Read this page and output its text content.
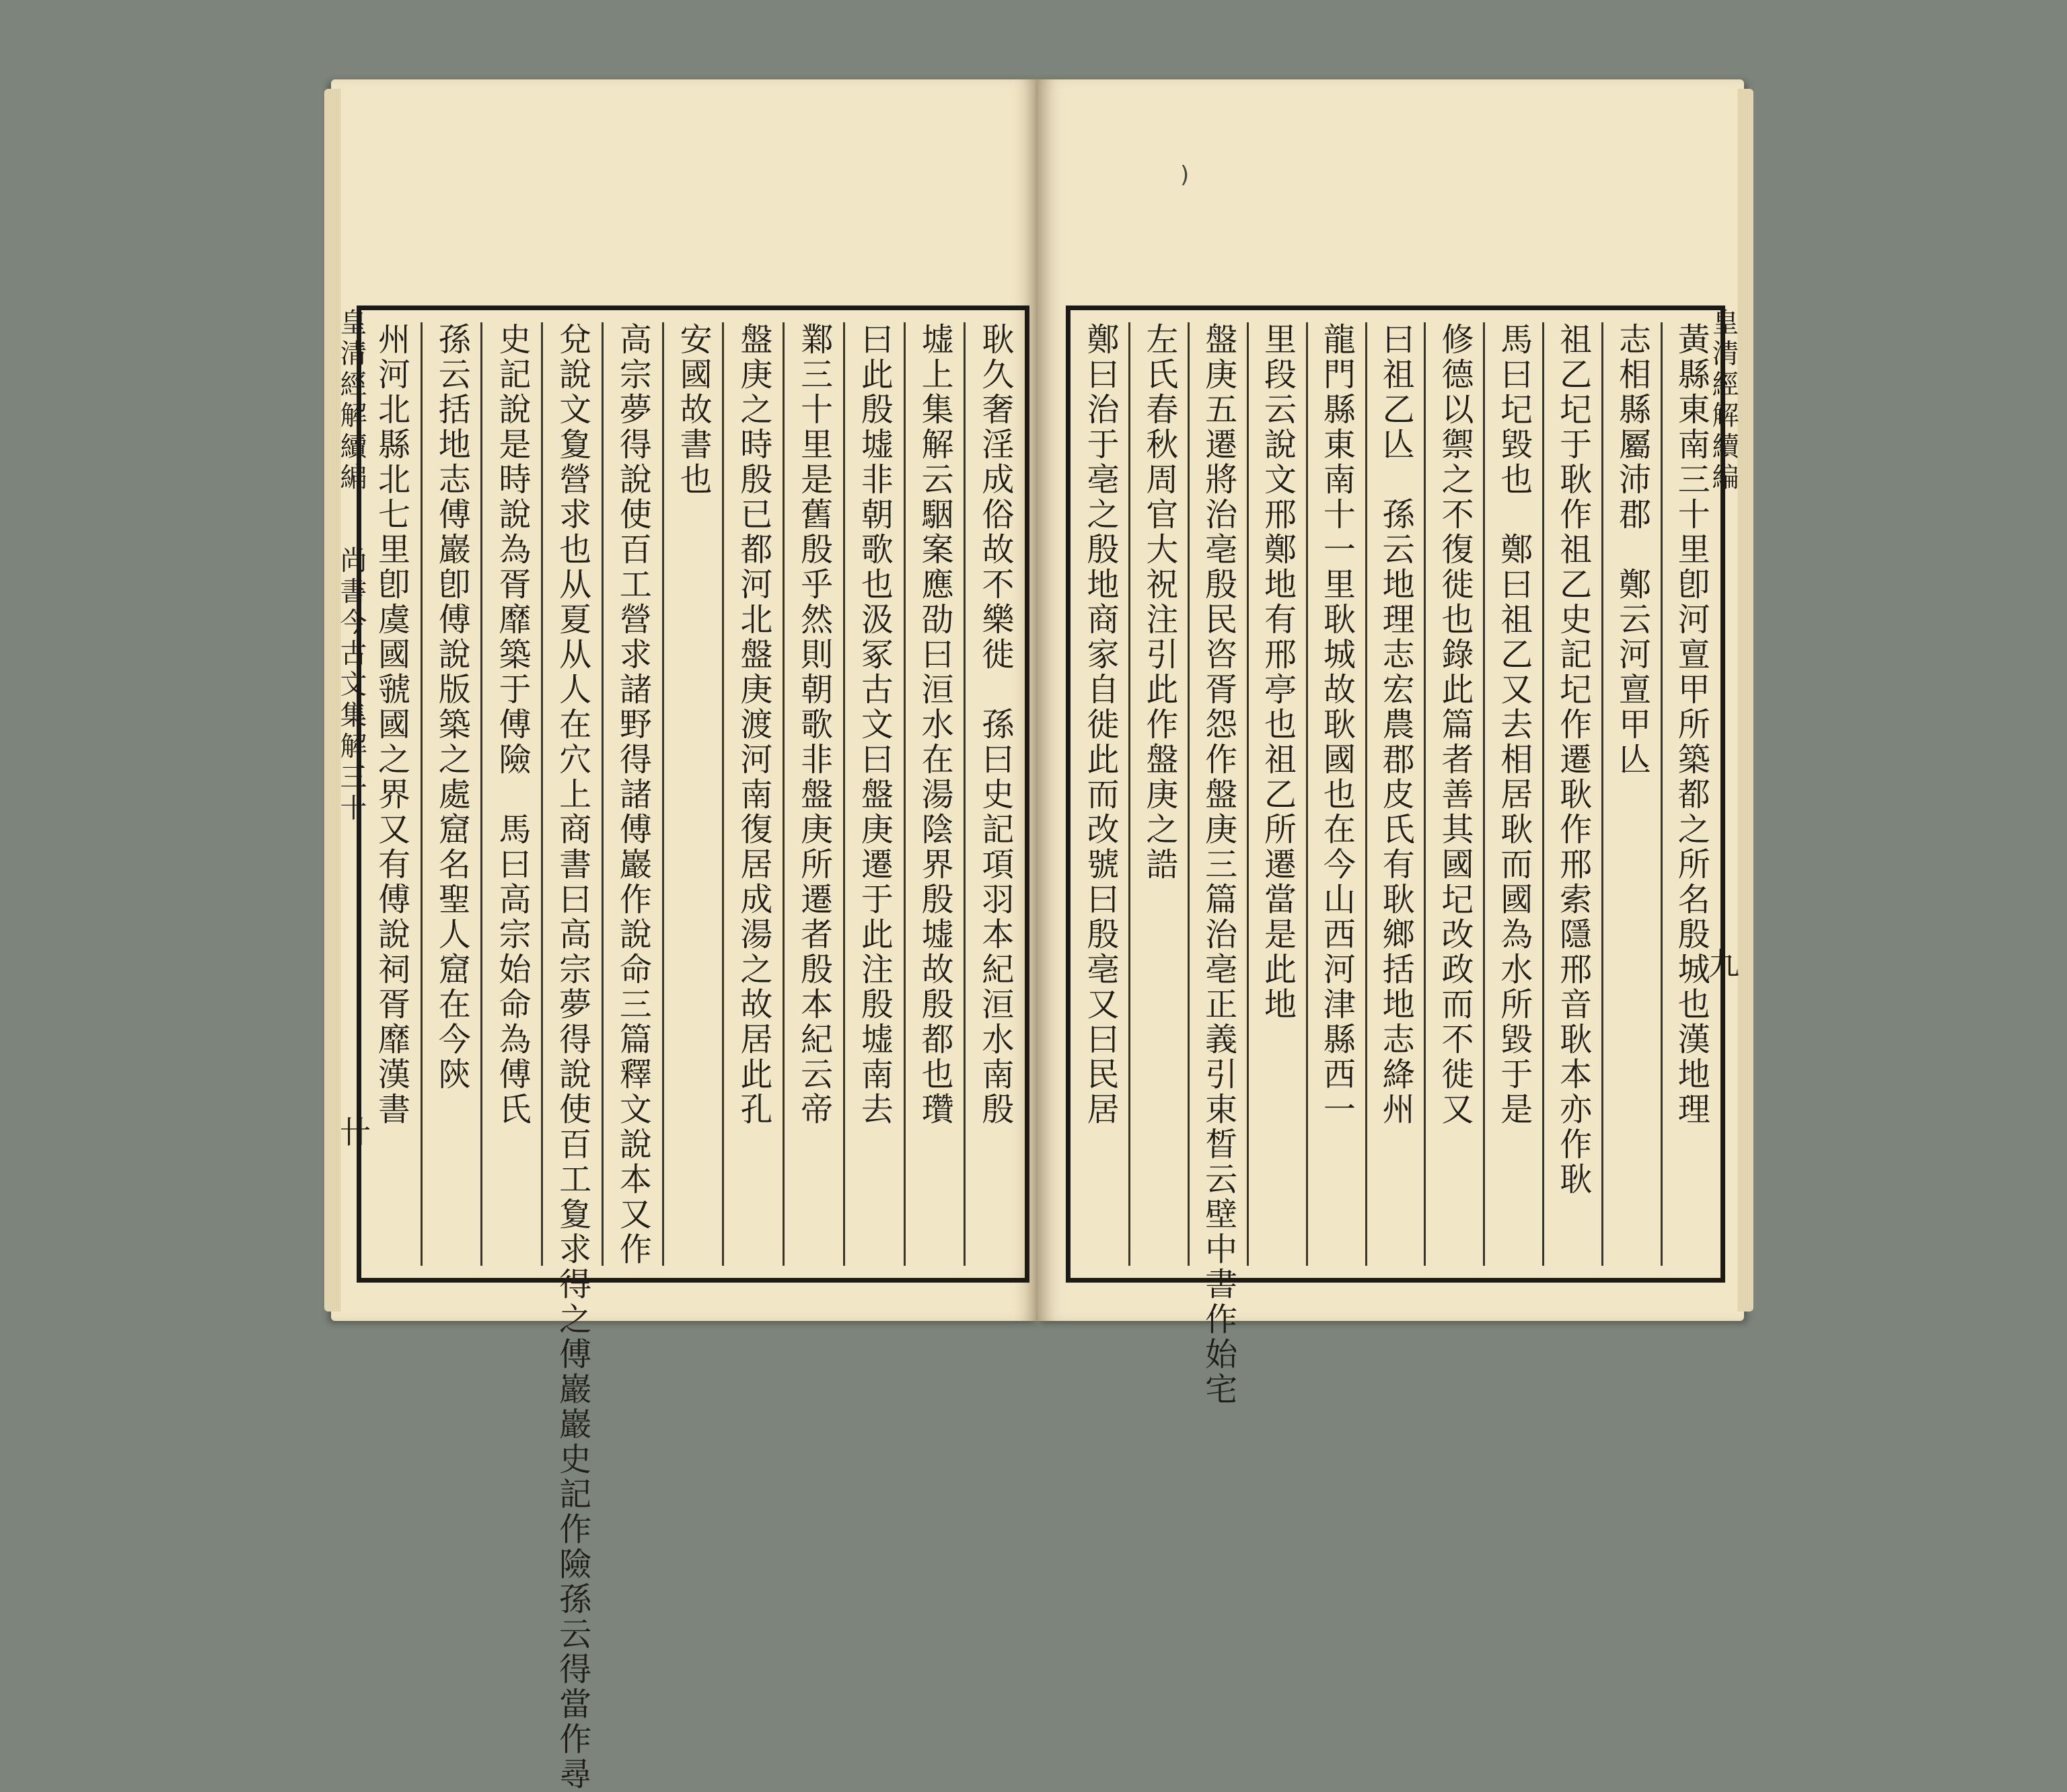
皇清經解續編  尚書今古文集解三十
卄
耿久奢淫成俗故不樂徙　孫曰史記項羽本紀洹水南殷
墟上集解云駰案應劭曰洹水在湯陰界殷墟故殷都也瓚
曰此殷墟非朝歌也汲冢古文曰盤庚遷于此注殷墟南去
鄴三十里是舊殷乎然則朝歌非盤庚所遷者殷本紀云帝
盤庚之時殷已都河北盤庚渡河南復居成湯之故居此孔
安國故書也
高宗夢得說使百工營求諸野得諸傅巖作說命三篇釋文說本又作
兌說文夐營求也从夏从人在穴上商書曰高宗夢得說使百工夐求得之傅巖巖史記作險孫云得當作尋
史記說是時說為胥靡築于傅險　馬曰高宗始命為傅氏
孫云括地志傅巖卽傅說版築之處窟名聖人窟在今陝
州河北縣北七里卽虞國虢國之界又有傅說祠胥靡漢書	皇清經解續編
九
黃縣東南三十里卽河亶甲所築都之所名殷城也漢地理
志相縣屬沛郡　鄭云河亶甲亾
祖乙圮于耿作祖乙史記圮作遷耿作邢索隱邢音耿本亦作耿
馬曰圮毀也　鄭曰祖乙又去相居耿而國為水所毀于是
修德以禦之不復徙也錄此篇者善其國圮改政而不徙又
曰祖乙亾　孫云地理志宏農郡皮氏有耿鄉括地志絳州
龍門縣東南十一里耿城故耿國也在今山西河津縣西一
里段云說文邢鄭地有邢亭也祖乙所遷當是此地
盤庚五遷將治亳殷民咨胥怨作盤庚三篇治亳正義引束晳云壁中書作始宅
左氏春秋周官大祝注引此作盤庚之誥
鄭曰治于亳之殷地商家自徙此而改號曰殷亳又曰民居
)
